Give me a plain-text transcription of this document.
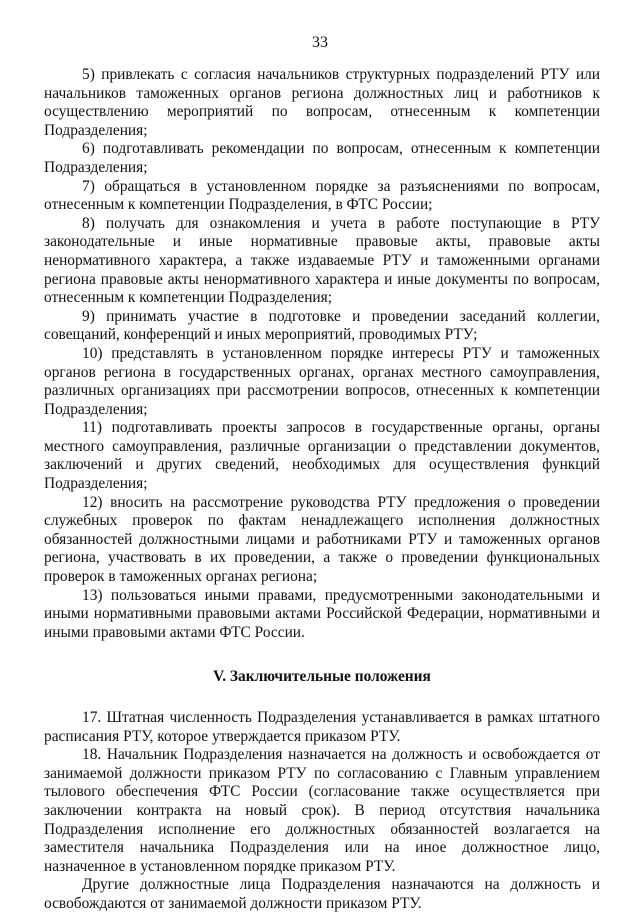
33

5) привлекать с согласия начальников структурных подразделений РТУ или начальников таможенных органов региона должностных лиц и работников к осуществлению мероприятий по вопросам, отнесенным к компетенции Подразделения;

6) подготавливать рекомендации по вопросам, отнесенным к компетенции Подразделения;

7) обращаться в установленном порядке за разъяснениями по вопросам, отнесенным к компетенции Подразделения, в ФТС России;

8) получать для ознакомления и учета в работе поступающие в РТУ законодательные и иные нормативные правовые акты, правовые акты ненормативного характера, а также издаваемые РТУ и таможенными органами региона правовые акты ненормативного характера и иные документы по вопросам, отнесенным к компетенции Подразделения;

9) принимать участие в подготовке и проведении заседаний коллегии, совещаний, конференций и иных мероприятий, проводимых РТУ;

10) представлять в установленном порядке интересы РТУ и таможенных органов региона в государственных органах, органах местного самоуправления, различных организациях при рассмотрении вопросов, отнесенных к компетенции Подразделения;

11) подготавливать проекты запросов в государственные органы, органы местного самоуправления, различные организации о представлении документов, заключений и других сведений, необходимых для осуществления функций Подразделения;

12) вносить на рассмотрение руководства РТУ предложения о проведении служебных проверок по фактам ненадлежащего исполнения должностных обязанностей должностными лицами и работниками РТУ и таможенных органов региона, участвовать в их проведении, а также о проведении функциональных проверок в таможенных органах региона;

13) пользоваться иными правами, предусмотренными законодательными и иными нормативными правовыми актами Российской Федерации, нормативными и иными правовыми актами ФТС России.

V. Заключительные положения

17. Штатная численность Подразделения устанавливается в рамках штатного расписания РТУ, которое утверждается приказом РТУ.

18. Начальник Подразделения назначается на должность и освобождается от занимаемой должности приказом РТУ по согласованию с Главным управлением тылового обеспечения ФТС России (согласование также осуществляется при заключении контракта на новый срок). В период отсутствия начальника Подразделения исполнение его должностных обязанностей возлагается на заместителя начальника Подразделения или на иное должностное лицо, назначенное в установленном порядке приказом РТУ.

Другие должностные лица Подразделения назначаются на должность и освобождаются от занимаемой должности приказом РТУ.
